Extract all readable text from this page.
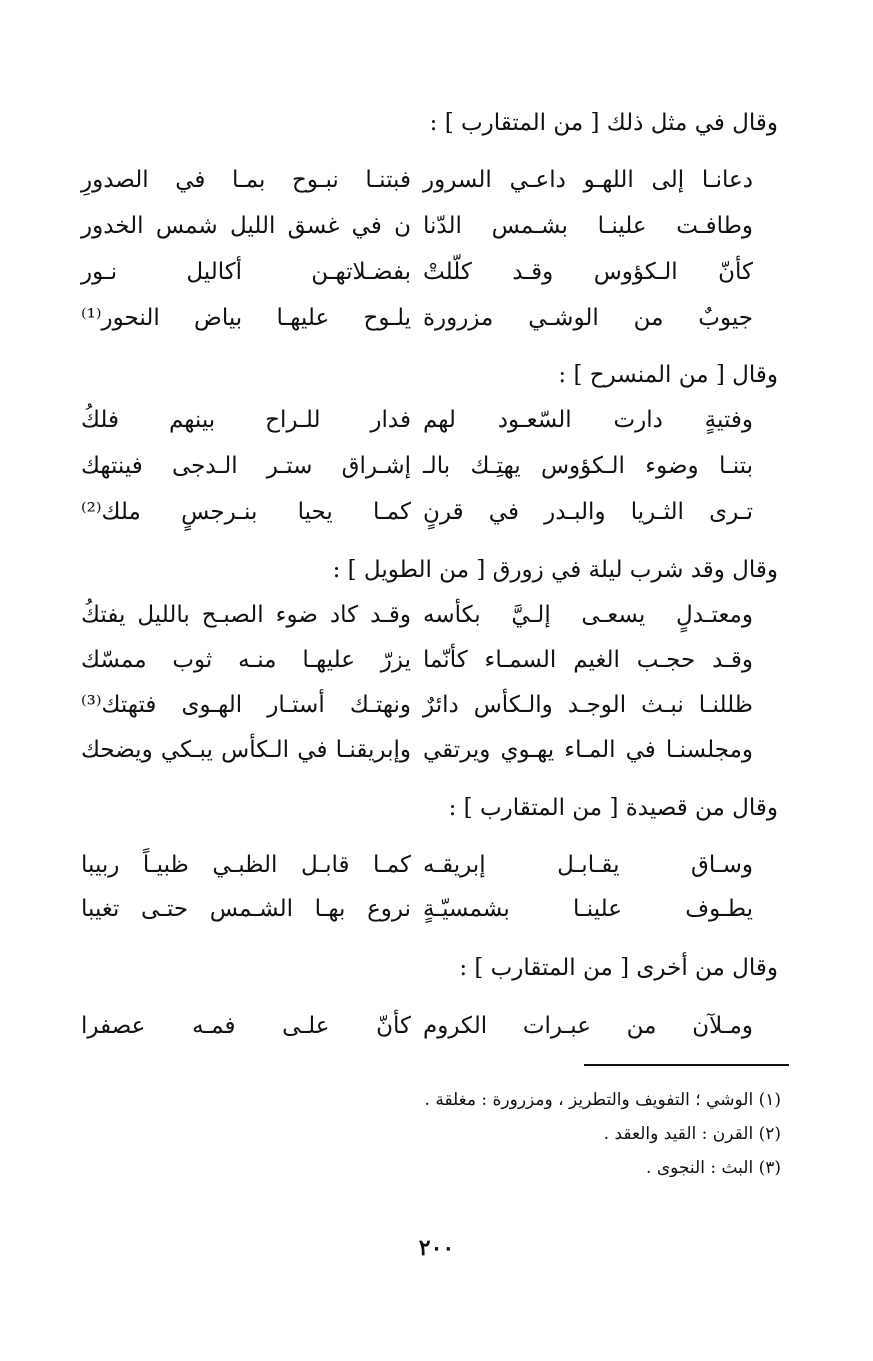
وقال في مثل ذلك [ من المتقارب ] :
دعانـا إلى اللهـو داعـي السرور
فبتنـا نبـوح بمـا في الصدورِ
وطافـت علينـا بشـمس الدّنا
ن في غسق الليل شمس الخدور
كأنّ الـكؤوس وقـد كلّلتْ
بفضـلاتهـن أكاليل نـور
جيوبٌ من الوشـي مزرورة
يلـوح عليهـا بياض النحور⁽¹⁾
وقال [ من المنسرح ] :
وفتيةٍ دارت السّعـود لهم
فدار للـراح بينهم فلكُ
بتنـا وضوء الـكؤوس يهتِـك بالـ
إشـراق ستـر الـدجى فينتهك
تـرى الثـريا والبـدر في قرنٍ
كمـا يحيا بنـرجسٍ ملك⁽²⁾
وقال وقد شرب ليلة في زورق [ من الطويل ] :
ومعتـدلٍ يسعـى إلـيَّ بكأسه
وقـد كاد ضوء الصبـح بالليل يفتكُ
وقـد حجـب الغيم السمـاء كأنّما
يزرّ عليهـا منـه ثوب ممسّك
ظللنـا نبـث الوجـد والـكأس دائرٌ
ونهتـك أستـار الهـوى فتهتك⁽³⁾
ومجلسنـا في المـاء يهـوي ويرتقي
وإبريقنـا في الـكأس يبـكي ويضحك
وقال من قصيدة [ من المتقارب ] :
وسـاق يقـابـل إبريقـه
كمـا قابـل الظبـي ظبيـاً ربيبا
يطـوف علينـا بشمسيّـةٍ
نروع بهـا الشـمس حتـى تغيبا
وقال من أخرى [ من المتقارب ] :
ومـلآن من عبـرات الكروم
كأنّ علـى فمـه عصفرا
(١) الوشي ؛ التفويف والتطريز ، ومزرورة : مغلقة .
(٢) القرن : القيد والعقد .
(٣) البث : النجوى .
٢٠٠
